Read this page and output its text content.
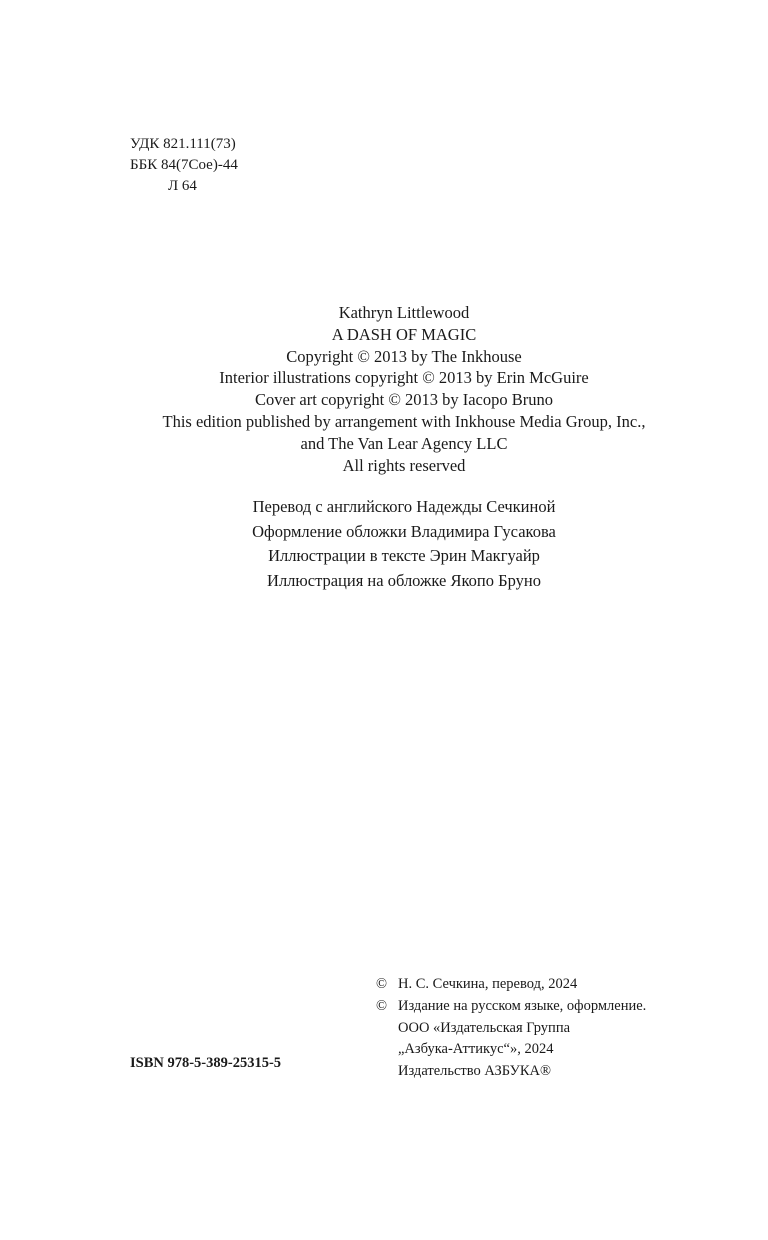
УДК 821.111(73)
ББК 84(7Сое)-44
Л 64
Kathryn Littlewood
A DASH OF MAGIC
Copyright © 2013 by The Inkhouse
Interior illustrations copyright © 2013 by Erin McGuire
Cover art copyright © 2013 by Iacopo Bruno
This edition published by arrangement with Inkhouse Media Group, Inc.,
and The Van Lear Agency LLC
All rights reserved
Перевод с английского Надежды Сечкиной
Оформление обложки Владимира Гусакова
Иллюстрации в тексте Эрин Макгуайр
Иллюстрация на обложке Якопо Бруно
© Н. С. Сечкина, перевод, 2024
© Издание на русском языке, оформление.
ООО «Издательская Группа
„Азбука-Аттикус“», 2024
Издательство АЗБУКА®
ISBN 978-5-389-25315-5
